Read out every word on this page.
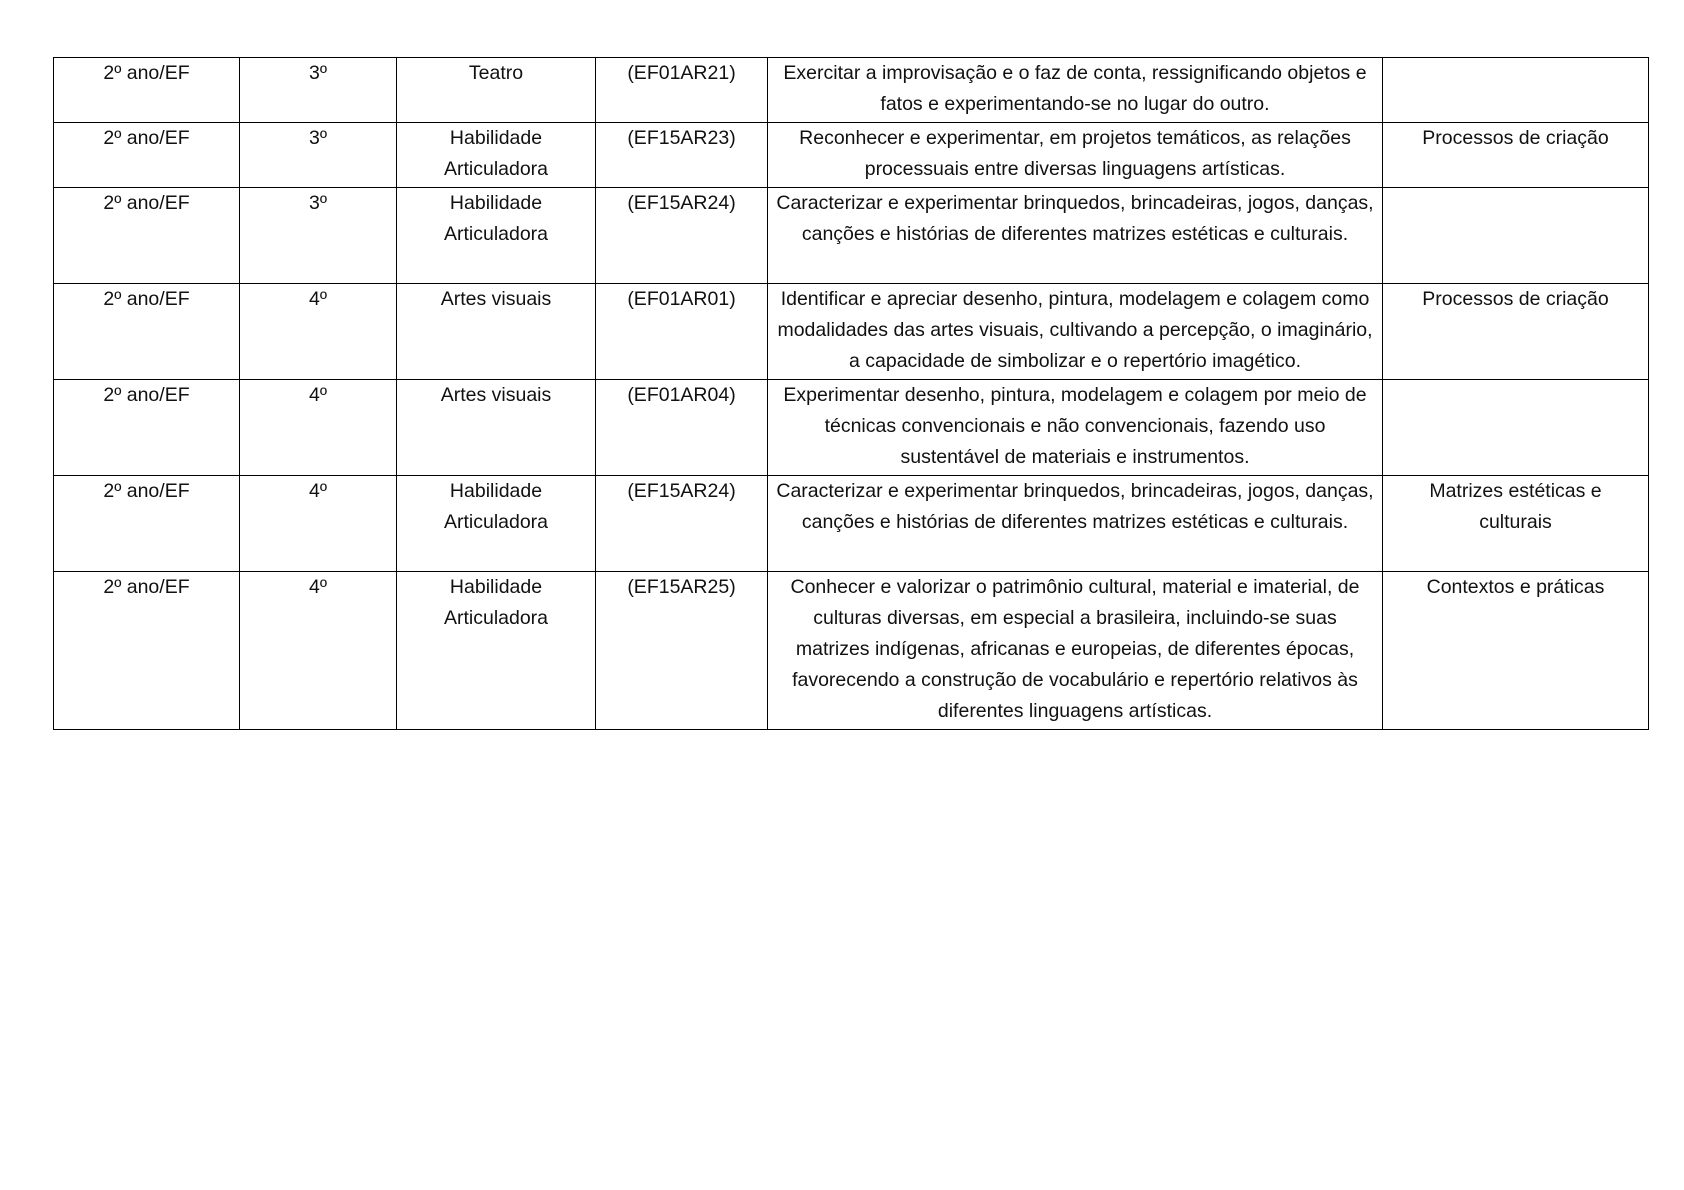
2º ano/EF	3º	Teatro	(EF01AR21)	Exercitar a improvisação e o faz de conta, ressignificando objetos e fatos e experimentando-se no lugar do outro.	
2º ano/EF	3º	Habilidade Articuladora	(EF15AR23)	Reconhecer e experimentar, em projetos temáticos, as relações processuais entre diversas linguagens artísticas.	Processos de criação
2º ano/EF	3º	Habilidade Articuladora	(EF15AR24)	Caracterizar e experimentar brinquedos, brincadeiras, jogos, danças, canções e histórias de diferentes matrizes estéticas e culturais.	
2º ano/EF	4º	Artes visuais	(EF01AR01)	Identificar e apreciar desenho, pintura, modelagem e colagem como modalidades das artes visuais, cultivando a percepção, o imaginário, a capacidade de simbolizar e o repertório imagético.	Processos de criação
2º ano/EF	4º	Artes visuais	(EF01AR04)	Experimentar desenho, pintura, modelagem e colagem por meio de técnicas convencionais e não convencionais, fazendo uso sustentável de materiais e instrumentos.	
2º ano/EF	4º	Habilidade Articuladora	(EF15AR24)	Caracterizar e experimentar brinquedos, brincadeiras, jogos, danças, canções e histórias de diferentes matrizes estéticas e culturais.	Matrizes estéticas e culturais
2º ano/EF	4º	Habilidade Articuladora	(EF15AR25)	Conhecer e valorizar o patrimônio cultural, material e imaterial, de culturas diversas, em especial a brasileira, incluindo-se suas matrizes indígenas, africanas e europeias, de diferentes épocas, favorecendo a construção de vocabulário e repertório relativos às diferentes linguagens artísticas.	Contextos e práticas
